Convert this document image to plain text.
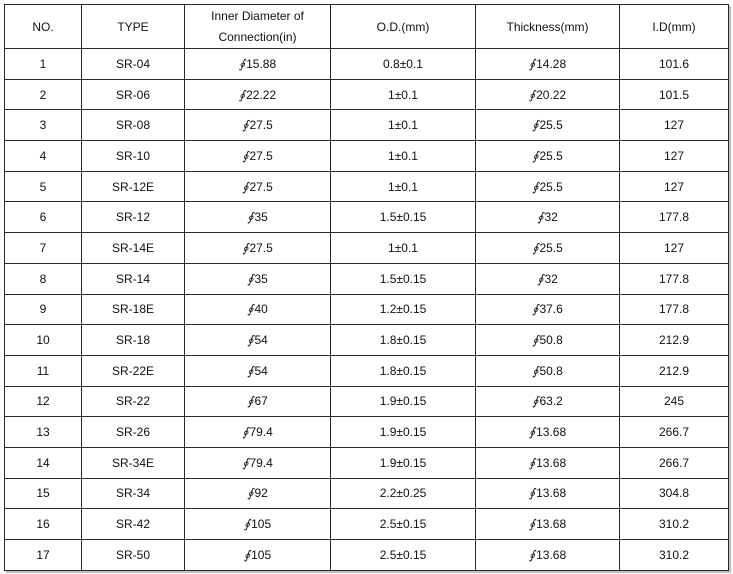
NO.	TYPE	Inner Diameter of Connection(in)	O.D.(mm)	Thickness(mm)	I.D(mm)
1	SR-04	∮15.88	0.8±0.1	∮14.28	101.6
2	SR-06	∮22.22	1±0.1	∮20.22	101.5
3	SR-08	∮27.5	1±0.1	∮25.5	127
4	SR-10	∮27.5	1±0.1	∮25.5	127
5	SR-12E	∮27.5	1±0.1	∮25.5	127
6	SR-12	∮35	1.5±0.15	∮32	177.8
7	SR-14E	∮27.5	1±0.1	∮25.5	127
8	SR-14	∮35	1.5±0.15	∮32	177.8
9	SR-18E	∮40	1.2±0.15	∮37.6	177.8
10	SR-18	∮54	1.8±0.15	∮50.8	212.9
11	SR-22E	∮54	1.8±0.15	∮50.8	212.9
12	SR-22	∮67	1.9±0.15	∮63.2	245
13	SR-26	∮79.4	1.9±0.15	∮13.68	266.7
14	SR-34E	∮79.4	1.9±0.15	∮13.68	266.7
15	SR-34	∮92	2.2±0.25	∮13.68	304.8
16	SR-42	∮105	2.5±0.15	∮13.68	310.2
17	SR-50	∮105	2.5±0.15	∮13.68	310.2
